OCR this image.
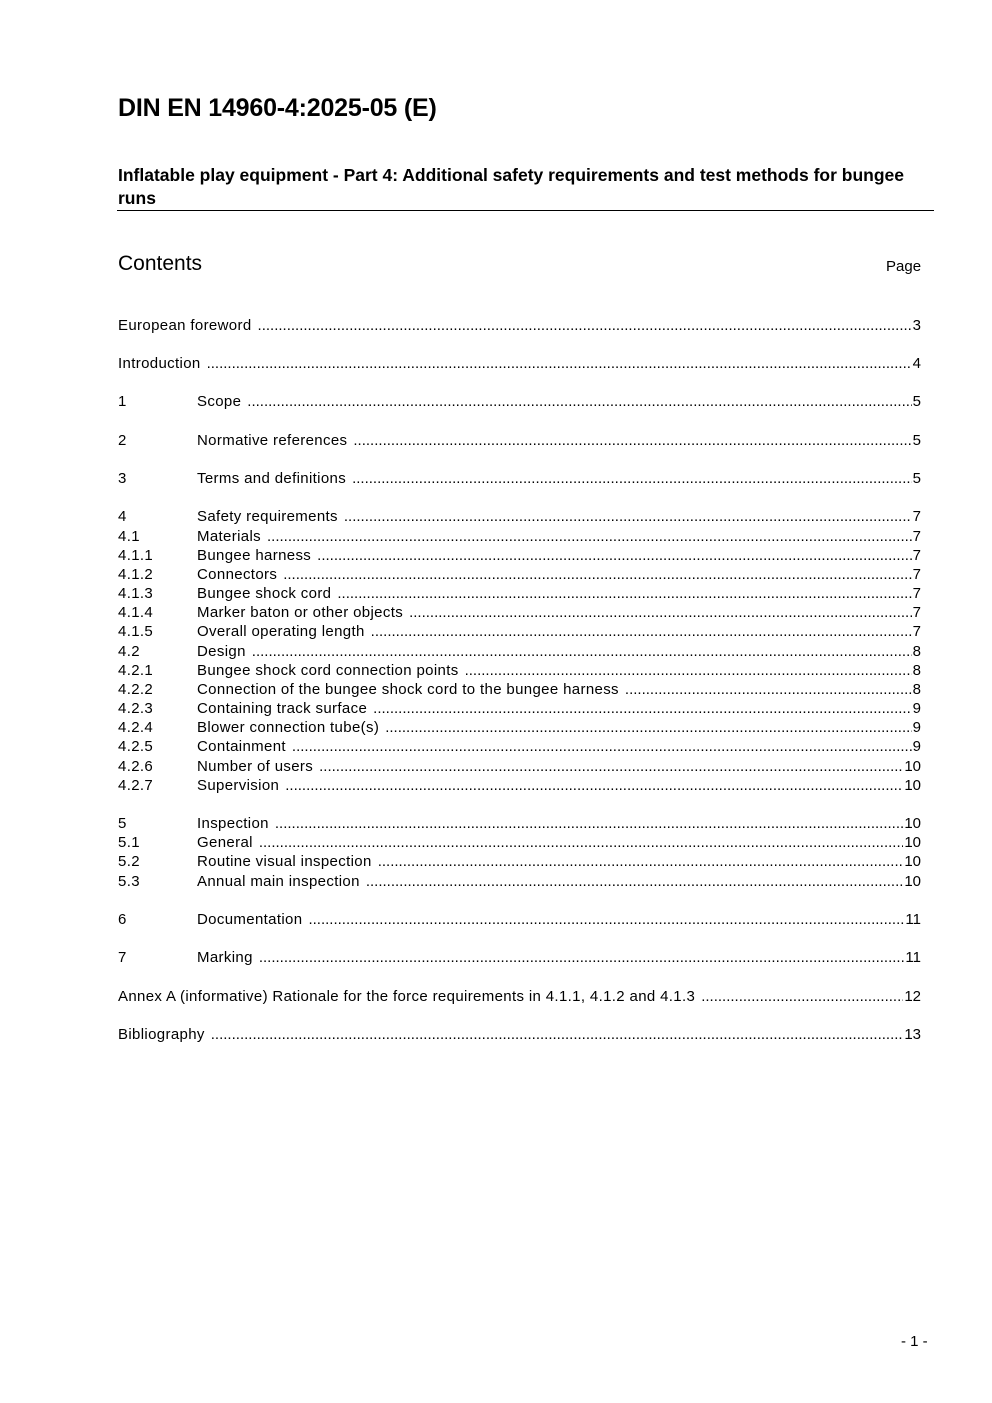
DIN EN 14960-4:2025-05 (E)
Inflatable play equipment - Part 4: Additional safety requirements and test methods for bungee runs
Contents	Page
European foreword .....	3
Introduction .....	4
1	Scope .....	5
2	Normative references .....	5
3	Terms and definitions .....	5
4	Safety requirements .....	7
4.1	Materials .....	7
4.1.1	Bungee harness .....	7
4.1.2	Connectors .....	7
4.1.3	Bungee shock cord .....	7
4.1.4	Marker baton or other objects .....	7
4.1.5	Overall operating length .....	7
4.2	Design .....	8
4.2.1	Bungee shock cord connection points .....	8
4.2.2	Connection of the bungee shock cord to the bungee harness .....	8
4.2.3	Containing track surface .....	9
4.2.4	Blower connection tube(s) .....	9
4.2.5	Containment .....	9
4.2.6	Number of users .....	10
4.2.7	Supervision .....	10
5	Inspection .....	10
5.1	General .....	10
5.2	Routine visual inspection .....	10
5.3	Annual main inspection .....	10
6	Documentation .....	11
7	Marking .....	11
Annex A (informative) Rationale for the force requirements in 4.1.1, 4.1.2 and 4.1.3 .....	12
Bibliography .....	13
- 1 -
